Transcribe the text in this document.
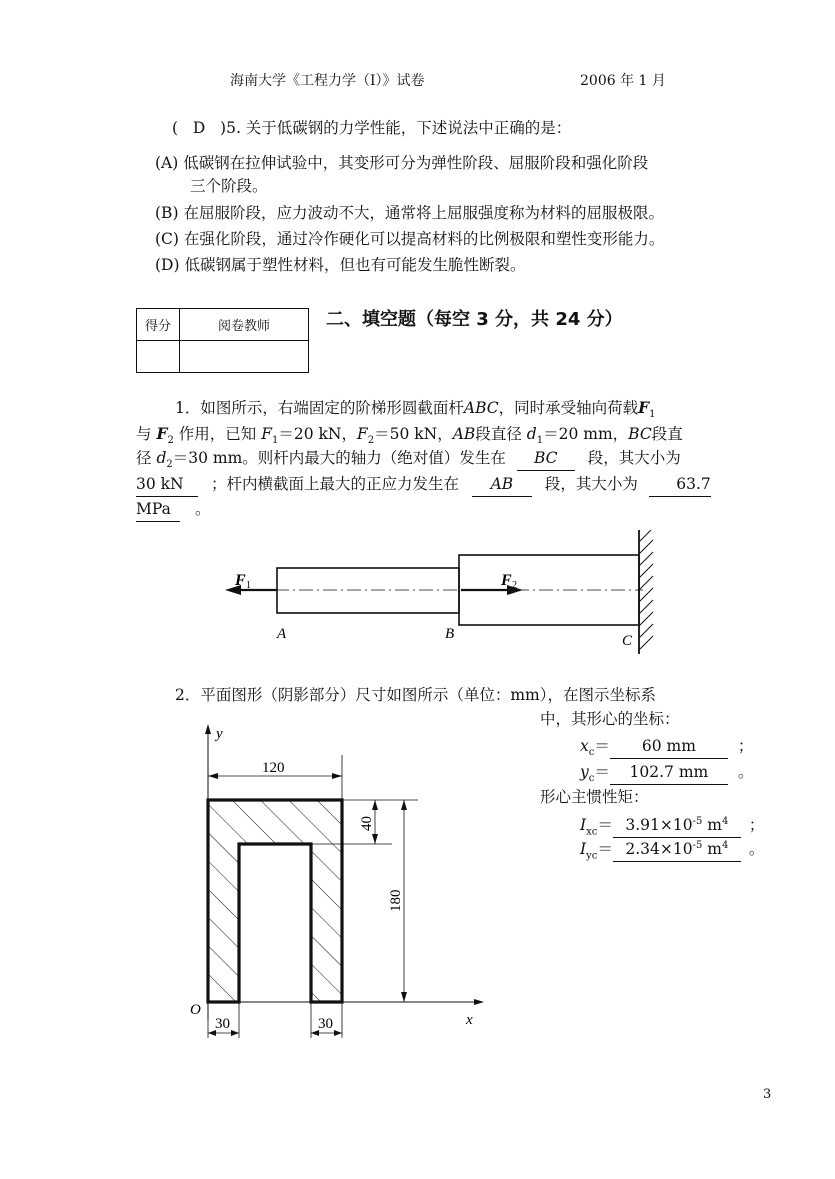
海南大学《工程力学（I）》试卷	2006 年 1 月
(   D   )5. 关于低碳钢的力学性能，下述说法中正确的是：
(A) 低碳钢在拉伸试验中，其变形可分为弹性阶段、屈服阶段和强化阶段
三个阶段。
(B) 在屈服阶段，应力波动不大，通常将上屈服强度称为材料的屈服极限。
(C) 在强化阶段，通过冷作硬化可以提高材料的比例极限和塑性变形能力。
(D) 低碳钢属于塑性材料，但也有可能发生脆性断裂。
得分	阅卷教师
		二、填空题（每空 3 分，共 24 分）
1．如图所示，右端固定的阶梯形圆截面杆ABC，同时承受轴向荷载$F_1$
与 $F_2$ 作用，已知 $F_1=20$ kN，$F_2=50$ kN，AB段直径 $d_1=20$ mm，BC段直
径 $d_2=30$ mm。则杆内最大的轴力（绝对值）发生在 BC 段，其大小为
30 kN ；杆内横截面上最大的正应力发生在 AB 段，其大小为 63.7
MPa 。
F 1	F 2
A	B	C
2．平面图形（阴影部分）尺寸如图所示（单位：mm），在图示坐标系
中，其形心的坐标：
$x_c= 60$ mm	；
$y_c= 102.7$ mm 。
形心主惯性矩：
$I_{xc}= 3.91\times 10^{-5}$ $m^4$ ；
$I_{yc}= 2.34\times 10^{-5}$ $m^4$ 。
120
40
180
30	30
y
x
O
3
